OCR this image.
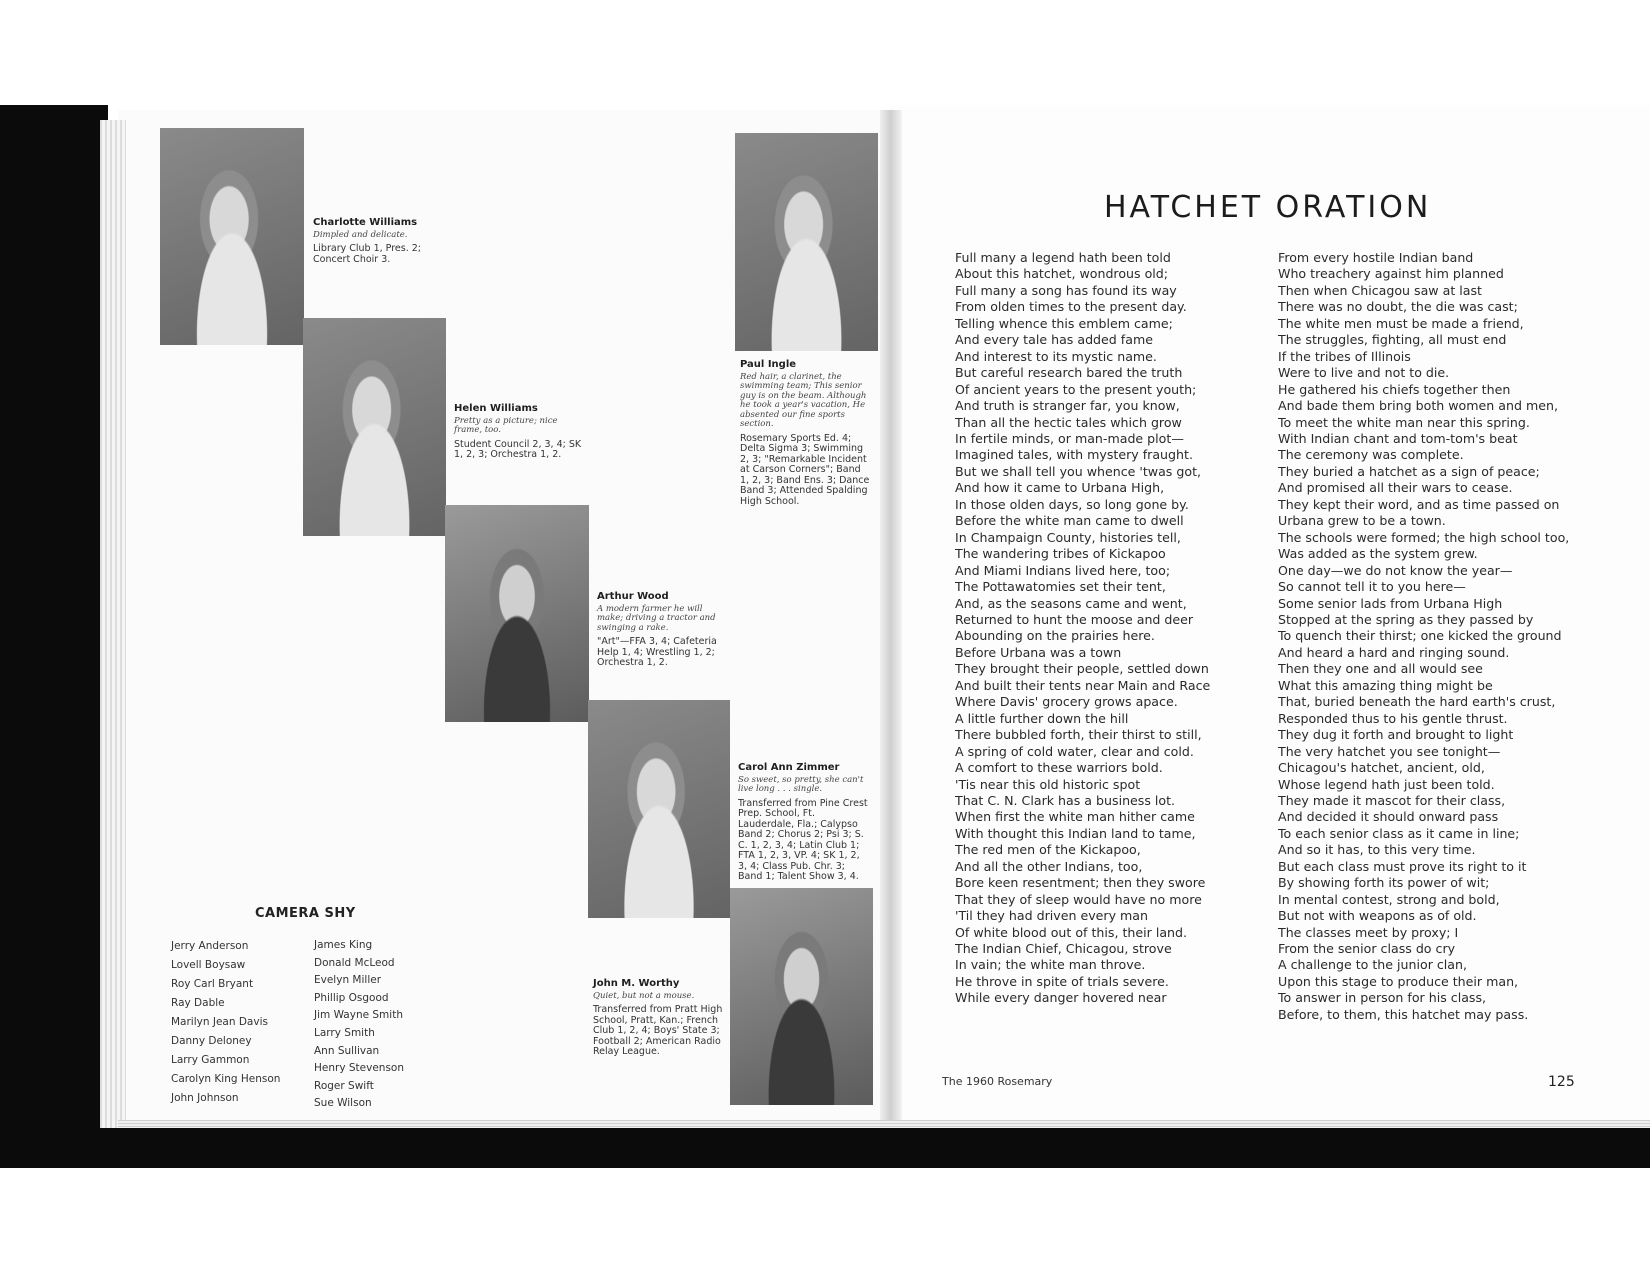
Charlotte Williams
Dimpled and delicate.
Library Club 1, Pres. 2; Concert Choir 3.
Helen Williams
Pretty as a picture; nice frame, too.
Student Council 2, 3, 4; SK 1, 2, 3; Orchestra 1, 2.
Arthur Wood
A modern farmer he will make; driving a tractor and swinging a rake.
"Art"—FFA 3, 4; Cafeteria Help 1, 4; Wrestling 1, 2; Orchestra 1, 2.
Carol Ann Zimmer
So sweet, so pretty, she can't live long . . . single.
Transferred from Pine Crest Prep. School, Ft. Lauderdale, Fla.; Calypso Band 2; Chorus 2; Psi 3; S. C. 1, 2, 3, 4; Latin Club 1; FTA 1, 2, 3, VP. 4; SK 1, 2, 3, 4; Class Pub. Chr. 3; Band 1; Talent Show 3, 4.
John M. Worthy
Quiet, but not a mouse.
Transferred from Pratt High School, Pratt, Kan.; French Club 1, 2, 4; Boys' State 3; Football 2; American Radio Relay League.
Paul Ingle
Red hair, a clarinet, the swimming team; This senior guy is on the beam. Although he took a year's vacation, He absented our fine sports section.
Rosemary Sports Ed. 4; Delta Sigma 3; Swimming 2, 3; "Remarkable Incident at Carson Corners"; Band 1, 2, 3; Band Ens. 3; Dance Band 3; Attended Spalding High School.
CAMERA SHY
Jerry Anderson
Lovell Boysaw
Roy Carl Bryant
Ray Dable
Marilyn Jean Davis
Danny Deloney
Larry Gammon
Carolyn King Henson
John Johnson
James King
Donald McLeod
Evelyn Miller
Phillip Osgood
Jim Wayne Smith
Larry Smith
Ann Sullivan
Henry Stevenson
Roger Swift
Sue Wilson
HATCHET ORATION
Full many a legend hath been told
About this hatchet, wondrous old;
Full many a song has found its way
From olden times to the present day.
Telling whence this emblem came;
And every tale has added fame
And interest to its mystic name.
But careful research bared the truth
Of ancient years to the present youth;
And truth is stranger far, you know,
Than all the hectic tales which grow
In fertile minds, or man-made plot—
Imagined tales, with mystery fraught.
But we shall tell you whence 'twas got,
And how it came to Urbana High,
In those olden days, so long gone by.
Before the white man came to dwell
In Champaign County, histories tell,
The wandering tribes of Kickapoo
And Miami Indians lived here, too;
The Pottawatomies set their tent,
And, as the seasons came and went,
Returned to hunt the moose and deer
Abounding on the prairies here.
Before Urbana was a town
They brought their people, settled down
And built their tents near Main and Race
Where Davis' grocery grows apace.
A little further down the hill
There bubbled forth, their thirst to still,
A spring of cold water, clear and cold.
A comfort to these warriors bold.
'Tis near this old historic spot
That C. N. Clark has a business lot.
When first the white man hither came
With thought this Indian land to tame,
The red men of the Kickapoo,
And all the other Indians, too,
Bore keen resentment; then they swore
That they of sleep would have no more
'Til they had driven every man
Of white blood out of this, their land.
The Indian Chief, Chicagou, strove
In vain; the white man throve.
He throve in spite of trials severe.
While every danger hovered near
From every hostile Indian band
Who treachery against him planned
Then when Chicagou saw at last
There was no doubt, the die was cast;
The white men must be made a friend,
The struggles, fighting, all must end
If the tribes of Illinois
Were to live and not to die.
He gathered his chiefs together then
And bade them bring both women and men,
To meet the white man near this spring.
With Indian chant and tom-tom's beat
The ceremony was complete.
They buried a hatchet as a sign of peace;
And promised all their wars to cease.
They kept their word, and as time passed on
Urbana grew to be a town.
The schools were formed; the high school too,
Was added as the system grew.
One day—we do not know the year—
So cannot tell it to you here—
Some senior lads from Urbana High
Stopped at the spring as they passed by
To quench their thirst; one kicked the ground
And heard a hard and ringing sound.
Then they one and all would see
What this amazing thing might be
That, buried beneath the hard earth's crust,
Responded thus to his gentle thrust.
They dug it forth and brought to light
The very hatchet you see tonight—
Chicagou's hatchet, ancient, old,
Whose legend hath just been told.
They made it mascot for their class,
And decided it should onward pass
To each senior class as it came in line;
And so it has, to this very time.
But each class must prove its right to it
By showing forth its power of wit;
In mental contest, strong and bold,
But not with weapons as of old.
The classes meet by proxy; I
From the senior class do cry
A challenge to the junior clan,
Upon this stage to produce their man,
To answer in person for his class,
Before, to them, this hatchet may pass.
The 1960 Rosemary	125
